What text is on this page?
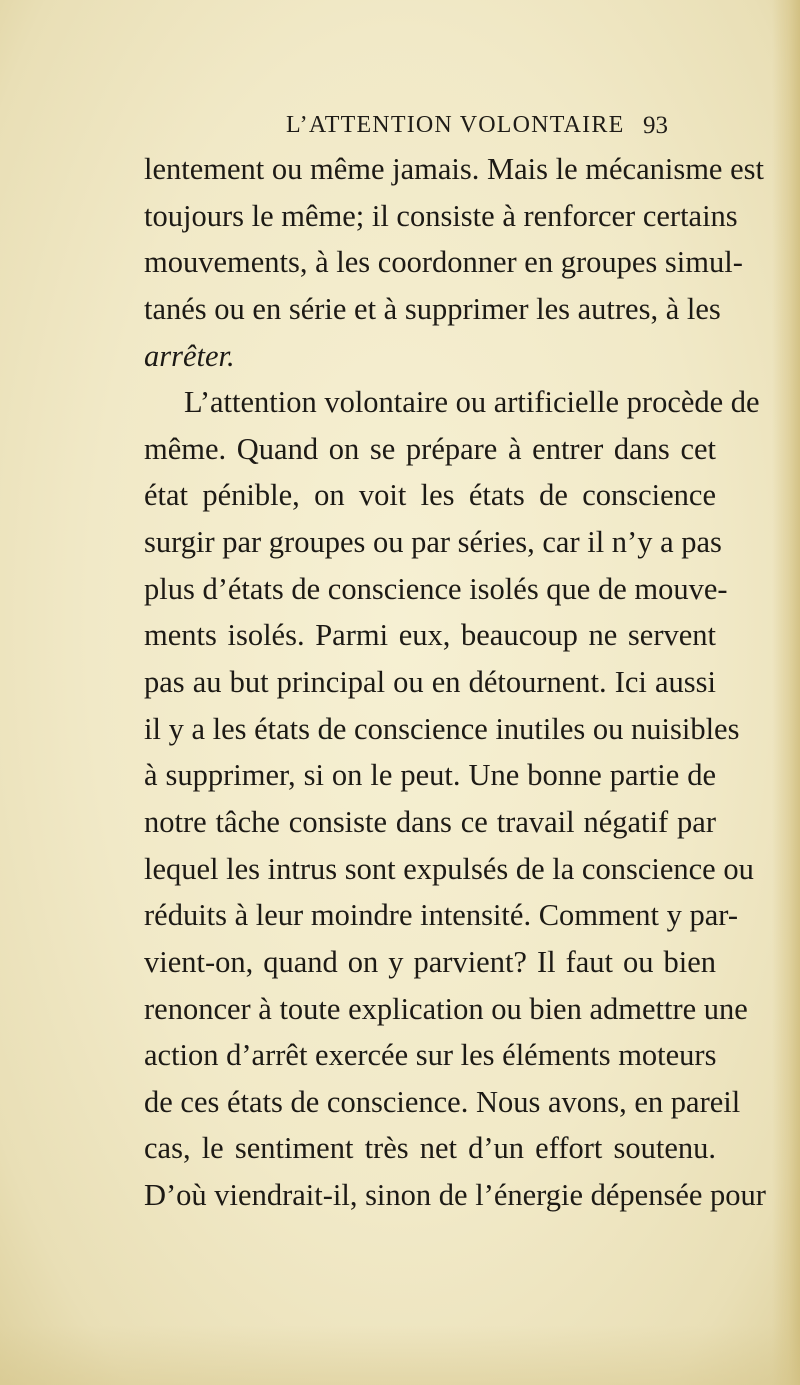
L’ATTENTION VOLONTAIRE 93
lentement ou même jamais. Mais le mécanisme est
toujours le même; il consiste à renforcer certains
mouvements, à les coordonner en groupes simul-
tanés ou en série et à supprimer les autres, à les
arrêter.
L’attention volontaire ou artificielle procède de
même. Quand on se prépare à entrer dans cet
état pénible, on voit les états de conscience
surgir par groupes ou par séries, car il n’y a pas
plus d’états de conscience isolés que de mouve-
ments isolés. Parmi eux, beaucoup ne servent
pas au but principal ou en détournent. Ici aussi
il y a les états de conscience inutiles ou nuisibles
à supprimer, si on le peut. Une bonne partie de
notre tâche consiste dans ce travail négatif par
lequel les intrus sont expulsés de la conscience ou
réduits à leur moindre intensité. Comment y par-
vient-on, quand on y parvient? Il faut ou bien
renoncer à toute explication ou bien admettre une
action d’arrêt exercée sur les éléments moteurs
de ces états de conscience. Nous avons, en pareil
cas, le sentiment très net d’un effort soutenu.
D’où viendrait-il, sinon de l’énergie dépensée pour
